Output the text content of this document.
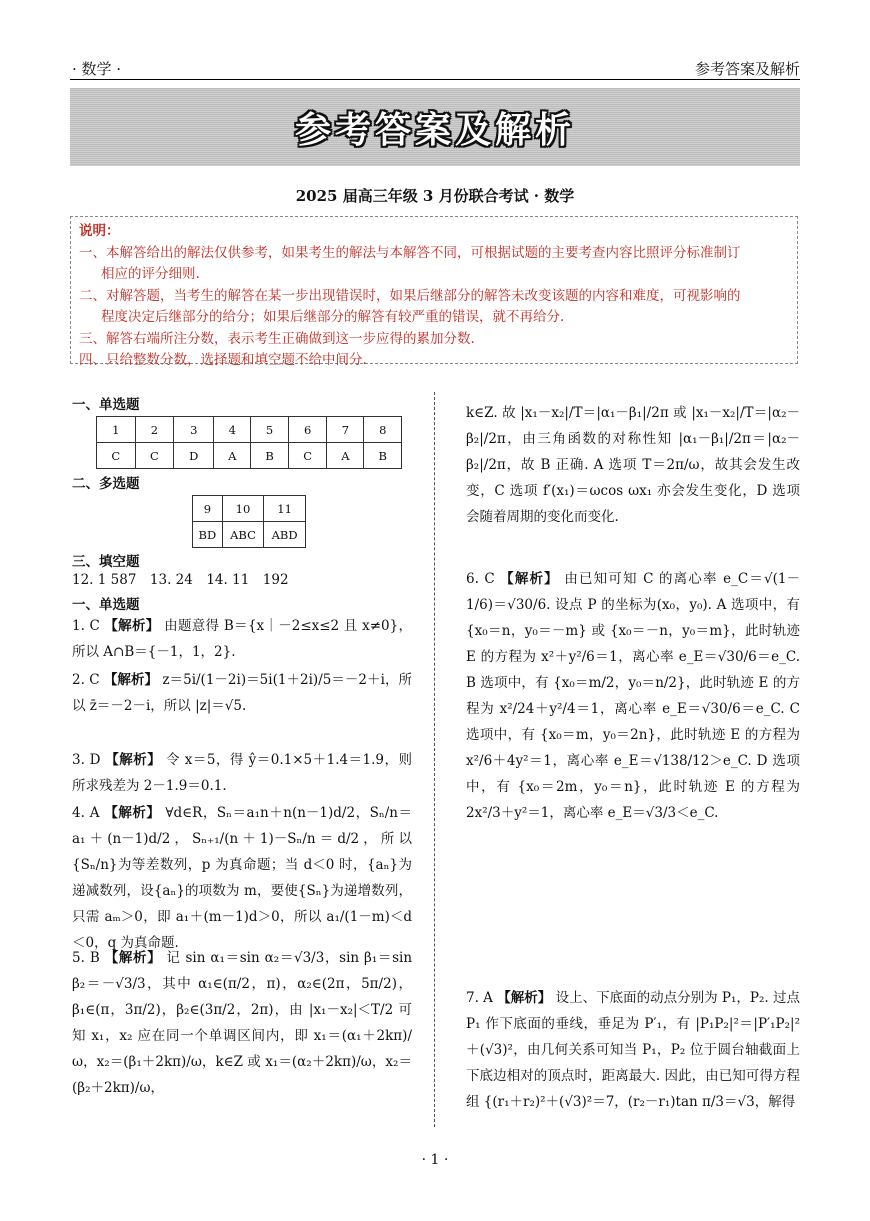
· 数学 ·	参考答案及解析
参考答案及解析
2025 届高三年级 3 月份联合考试 · 数学
说明：
一、本解答给出的解法仅供参考，如果考生的解法与本解答不同，可根据试题的主要考查内容比照评分标准制订
相应的评分细则.
二、对解答题，当考生的解答在某一步出现错误时，如果后继部分的解答未改变该题的内容和难度，可视影响的
程度决定后继部分的给分；如果后继部分的解答有较严重的错误，就不再给分.
三、解答右端所注分数，表示考生正确做到这一步应得的累加分数.
四、只给整数分数，选择题和填空题不给中间分.
一、单选题
1	2	3	4	5	6	7	8
C	C	D	A	B	C	A	B
二、多选题
9	10	11
BD	ABC	ABD
三、填空题
12. 1 587　13. 24　14. 11　192
一、单选题
1. C 【解析】 由题意得 B＝{x｜－2≤x≤2 且 x≠0}，所以 A∩B＝{－1，1，2}.
2. C 【解析】 z＝5i/(1－2i)＝5i(1＋2i)/5＝－2＋i，所以 z̄＝－2－i，所以 |z|＝√5.
3. D 【解析】 令 x＝5，得 ŷ＝0.1×5＋1.4＝1.9，则所求残差为 2－1.9＝0.1.
4. A 【解析】 ∀d∈R，Sₙ＝a₁n＋n(n－1)d/2，Sₙ/n＝a₁＋(n－1)d/2，Sₙ₊₁/(n＋1)－Sₙ/n＝d/2，所以{Sₙ/n}为等差数列，p 为真命题；当 d＜0 时，{aₙ}为递减数列，设{aₙ}的项数为 m，要使{Sₙ}为递增数列，只需 aₘ＞0，即 a₁＋(m－1)d＞0，所以 a₁/(1－m)＜d＜0，q 为真命题.
5. B 【解析】 记 sin α₁＝sin α₂＝√3/3，sin β₁＝sin β₂＝－√3/3，其中 α₁∈(π/2，π)，α₂∈(2π，5π/2)，β₁∈(π，3π/2)，β₂∈(3π/2，2π)，由 |x₁－x₂|＜T/2 可知 x₁，x₂ 应在同一个单调区间内，即 x₁＝(α₁＋2kπ)/ω，x₂＝(β₁＋2kπ)/ω，k∈Z 或 x₁＝(α₂＋2kπ)/ω，x₂＝(β₂＋2kπ)/ω，
k∈Z. 故 |x₁－x₂|/T＝|α₁－β₁|/2π 或 |x₁－x₂|/T＝|α₂－β₂|/2π，由三角函数的对称性知 |α₁－β₁|/2π＝|α₂－β₂|/2π，故 B 正确. A 选项 T＝2π/ω，故其会发生改变，C 选项 f′(x₁)＝ωcos ωx₁ 亦会发生变化，D 选项会随着周期的变化而变化.
6. C 【解析】 由已知可知 C 的离心率 e_C＝√(1－1/6)＝√30/6. 设点 P 的坐标为(x₀，y₀). A 选项中，有 {x₀＝n，y₀＝－m} 或 {x₀＝－n，y₀＝m}，此时轨迹 E 的方程为 x²＋y²/6＝1，离心率 e_E＝√30/6＝e_C. B 选项中，有 {x₀＝m/2，y₀＝n/2}，此时轨迹 E 的方程为 x²/24＋y²/4＝1，离心率 e_E＝√30/6＝e_C. C 选项中，有 {x₀＝m，y₀＝2n}，此时轨迹 E 的方程为 x²/6＋4y²＝1，离心率 e_E＝√138/12＞e_C. D 选项中，有 {x₀＝2m，y₀＝n}，此时轨迹 E 的方程为 2x²/3＋y²＝1，离心率 e_E＝√3/3＜e_C.
7. A 【解析】 设上、下底面的动点分别为 P₁，P₂. 过点 P₁ 作下底面的垂线，垂足为 P′₁，有 |P₁P₂|²＝|P′₁P₂|²＋(√3)²，由几何关系可知当 P₁，P₂ 位于圆台轴截面上下底边相对的顶点时，距离最大. 因此，由已知可得方程组 {(r₁＋r₂)²＋(√3)²＝7，(r₂－r₁)tan π/3＝√3，解得
· 1 ·
